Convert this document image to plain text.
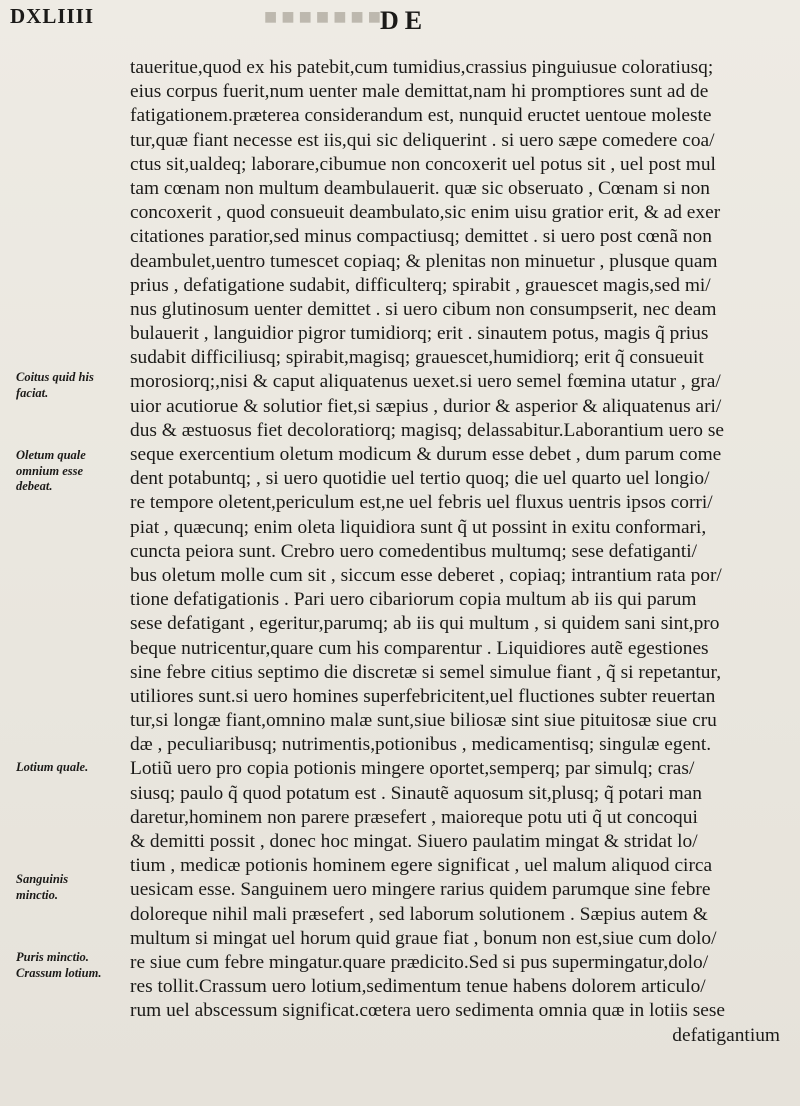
■■■■■■■
DXLIIII	DE
Coitus quid his
faciat.
Oletum quale
omnium esse
debeat.
Lotium quale.
Sanguinis
minctio.
Puris minctio.
Crassum lotium.
taueritue,quod ex his patebit,cum tumidius,crassius pinguiusue coloratiusq;
eius corpus fuerit,num uenter male demittat,nam hi promptiores sunt ad de
fatigationem.præterea considerandum est, nunquid eructet uentoue moleste
tur,quæ fiant necesse est iis,qui sic deliquerint . si uero sæpe comedere coa/
ctus sit,ualdeq; laborare,cibumue non concoxerit uel potus sit , uel post mul
tam cœnam non multum deambulauerit. quæ sic obseruato , Cœnam si non
concoxerit , quod consueuit deambulato,sic enim uisu gratior erit, & ad exer
citationes paratior,sed minus compactiusq; demittet . si uero post cœnã non
deambulet,uentro tumescet copiaq; & plenitas non minuetur , plusque quam
prius , defatigatione sudabit, difficulterq; spirabit , grauescet magis,sed mi/
nus glutinosum uenter demittet . si uero cibum non consumpserit, nec deam
bulauerit , languidior pigror tumidiorq; erit . sinautem potus, magis q̃ prius
sudabit difficiliusq; spirabit,magisq; grauescet,humidiorq; erit q̃ consueuit
morosiorq;,nisi & caput aliquatenus uexet.si uero semel fœmina utatur , gra/
uior acutiorue & solutior fiet,si sæpius , durior & asperior & aliquatenus ari/
dus & æstuosus fiet decoloratiorq; magisq; delassabitur.Laborantium uero se
seque exercentium oletum modicum & durum esse debet , dum parum come
dent potabuntq; , si uero quotidie uel tertio quoq; die uel quarto uel longio/
re tempore oletent,periculum est,ne uel febris uel fluxus uentris ipsos corri/
piat , quæcunq; enim oleta liquidiora sunt q̃ ut possint in exitu conformari,
cuncta peiora sunt. Crebro uero comedentibus multumq; sese defatiganti/
bus oletum molle cum sit , siccum esse deberet , copiaq; intrantium rata por/
tione defatigationis . Pari uero cibariorum copia multum ab iis qui parum
sese defatigant , egeritur,parumq; ab iis qui multum , si quidem sani sint,pro
beque nutricentur,quare cum his comparentur . Liquidiores autẽ egestiones
sine febre citius septimo die discretæ si semel simulue fiant , q̃ si repetantur,
utiliores sunt.si uero homines superfebricitent,uel fluctiones subter reuertan
tur,si longæ fiant,omnino malæ sunt,siue biliosæ sint siue pituitosæ siue cru
dæ , peculiaribusq; nutrimentis,potionibus , medicamentisq; singulæ egent.
Lotiũ uero pro copia potionis mingere oportet,semperq; par simulq; cras/
siusq; paulo q̃ quod potatum est . Sinautẽ aquosum sit,plusq; q̃ potari man
daretur,hominem non parere præsefert , maioreque potu uti q̃ ut concoqui
& demitti possit , donec hoc mingat. Siuero paulatim mingat & stridat lo/
tium , medicæ potionis hominem egere significat , uel malum aliquod circa
uesicam esse. Sanguinem uero mingere rarius quidem parumque sine febre
doloreque nihil mali præsefert , sed laborum solutionem . Sæpius autem &
multum si mingat uel horum quid graue fiat , bonum non est,siue cum dolo/
re siue cum febre mingatur.quare prædicito.Sed si pus supermingatur,dolo/
res tollit.Crassum uero lotium,sedimentum tenue habens dolorem articulo/
rum uel abscessum significat.cœtera uero sedimenta omnia quæ in lotiis sese
defatigantium
